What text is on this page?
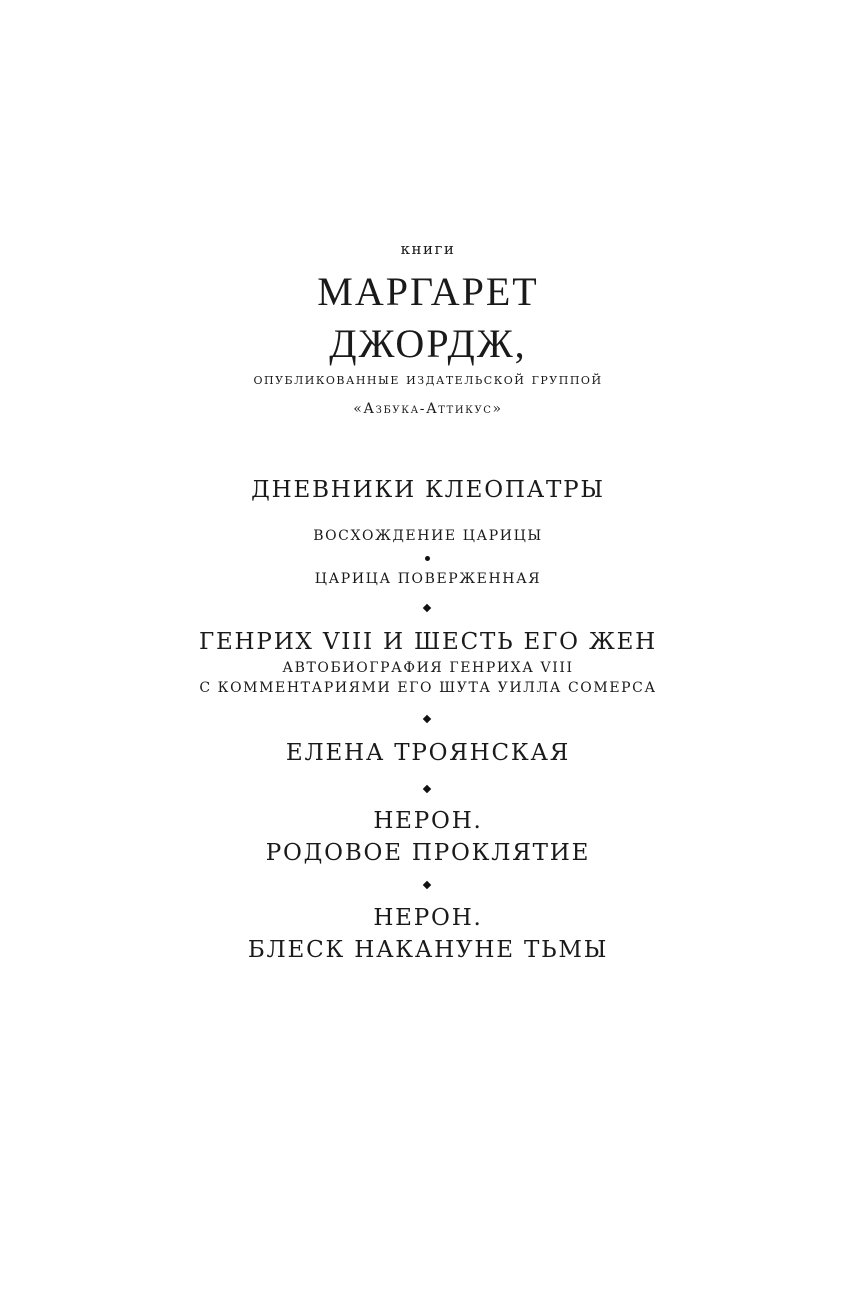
книги
МАРГАРЕТ
ДЖОРДЖ,
опубликованные издательской группой
«Азбука-Аттикус»
ДНЕВНИКИ КЛЕОПАТРЫ
ВОСХОЖДЕНИЕ ЦАРИЦЫ
ЦАРИЦА ПОВЕРЖЕННАЯ
ГЕНРИХ VIII И ШЕСТЬ ЕГО ЖЕН
АВТОБИОГРАФИЯ ГЕНРИХА VIII
С КОММЕНТАРИЯМИ ЕГО ШУТА УИЛЛА СОМЕРСА
ЕЛЕНА ТРОЯНСКАЯ
НЕРОН.
РОДОВОЕ ПРОКЛЯТИЕ
НЕРОН.
БЛЕСК НАКАНУНЕ ТЬМЫ
